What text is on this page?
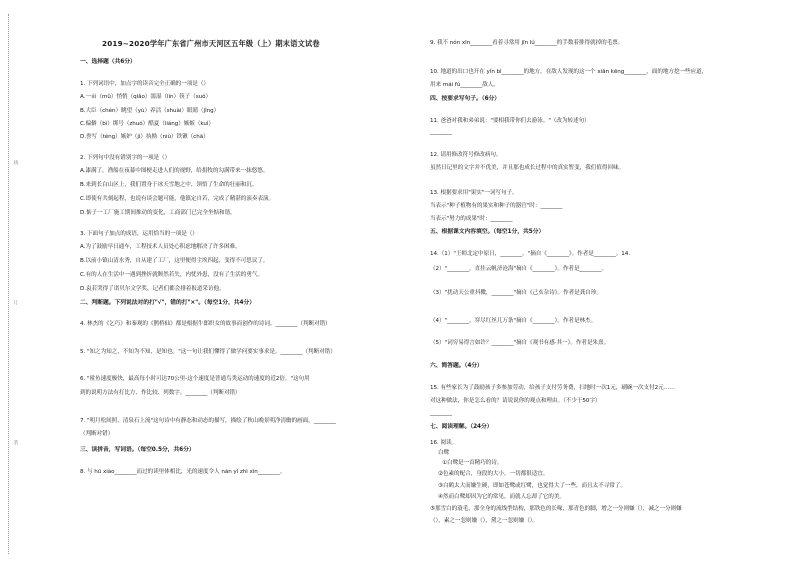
线
订
装
2019~2020学年广东省广州市天河区五年级（上）期末语文试卷
一、选择题（共6分）
1. 下列词语中，加点字的读音完全正确的一项是（）
A.一亩（mǔ）悄悄（qiǎo）濡湿（lín）筷子（suǒ）
B.大臣（chén）眺望（yù）养活（shuài）眼睛（jǐng）
C.偏僻（bì）绑号（zhuó）酷夏（liáng）嫉嫉（kuì）
D.誊写（téng）嫉妒（jì）执拗（niù）铁锹（chā）
2. 下列句中没有错别字的一项是（）
A.漆满了，渔船在夜幕中图梗走进人们的视野，给捐牧的勾满带来一抹悠悠。
B.来到长白山区上，我们置身于冰天雪地之中，领悟了生命的壮丽和沉。
C.即使有共刻起程，也说有谈会题可能，他镇定自若，完成了精湛的演奏表演。
D.惦子一工厂施工期间推动的变化，工商部门已完全坐惦和谐。
3. 下面句子加点的成语，运用恰当的一项是（）
A.为了鼓励早日通车，工程技术人员处心积虑地解决了许多困难。
B.以前小镇山清水秀，自从建了工厂，这里便得尘埃四起，变得不可思议了。
C.有的人在生活中一遇到挫折就颓然若失，内忧外患，没有了生活的勇气。
D.袁若哭得了诺贝尔文学奖，记者们都会排着报道采访他。
二、判断题。下列说法对的打"√"，错的打"×"。（每空1分，共4分）
4. 林杰的《乞巧》和秦观的《鹊桥仙》都是根据牛郎织女的故事而创作的诗词。________（判断对错）
5. "知之为知之，不知为不知，是知也。"这一句让我们懂得了做学问要实事求是。________（判断对错）
6. "鲨鱼速度极快，最高每小时可达70公里-这个速度是普通鸟类运动的速度的近2倍。"这句用
到的说明方法有打比方、作比较、列数字。________（判断对错）
7. "明月松间照，清泉石上流"这句诗中有静态和动态的描写，描绘了秋山晚景明净清幽的画面。________
（判断对错）
三、读拼音，写词语。（每空0.5分，共6分）
8. 与 hū xiào________而过的读里体相比，光的速度令人 nán yǐ zhì xìn________。
9. 我不 nón xīn________看着寻常用 jīn lú________的手数着排得就掉的毛票。
10. 地道的出口也开在 yǐn bì________的地方。在敌人发现的这一个 xiān kēng________，面的地方挖一些应道，
用来 mái fú________敌人。
四、按要求写句子。（6分）
11. 爸爸对我和弟弟说："要相我带你们去游泳。"（改为转述句）
________
12. 请用修改符号修改病句。
虽然日记里的文字并不优美，并且那也成长过程中的真实暂变，我们值得回味。
13. 根据要求用"果实"一词写句子。
当表示"种子植物有的果实和种子的器官"时：________
当表示"努力的成果"时：________
五、根据课文内容填空。（每空1分，共5分）
14.（1）"王师北定中原日，________。"摘自《________》。作者是________。14.
（2）"________，直挂云帆济沧海"摘自《________》。作者是________。
（3）"扰动天公重抖擞，________"摘自《己亥杂诗》。作者是龚自珍。
（4）"________，穿尽红丝几万条"摘自《________》。作者是林杰。
（5）"词穷易得言如许？________"摘自《观书有感·其一》。作者是朱熹。
六、简答题。（4分）
15. 有些家长为了鼓励孩子多参加劳动，给孩子支付劳务费，扫地时一次1元，刷碗一次支付2元……
对这种做法，你是怎么看的？请说说你的观点和理由。（不少于50字）
________
七、阅读理解。（24分）
16. 阅读。
白鹭
①白鹭是一首精巧的诗。
②色素的配合，身段的大小，一切都很适宜。
③白鹤太大而嫌生硬，即如苍鹭或红鹭，也觉得大了一些，而且太不寻常了。
④然而白鹭却因为它的常见，而就人忘却了它的美。
⑤那雪白的蓑毛，那全身的流线型结构，那铁色的长喙，那青色的脚，增之一分则嫌（），减之一分则嫌
（），素之一忽则嫌（），黛之一忽则嫌（）。
